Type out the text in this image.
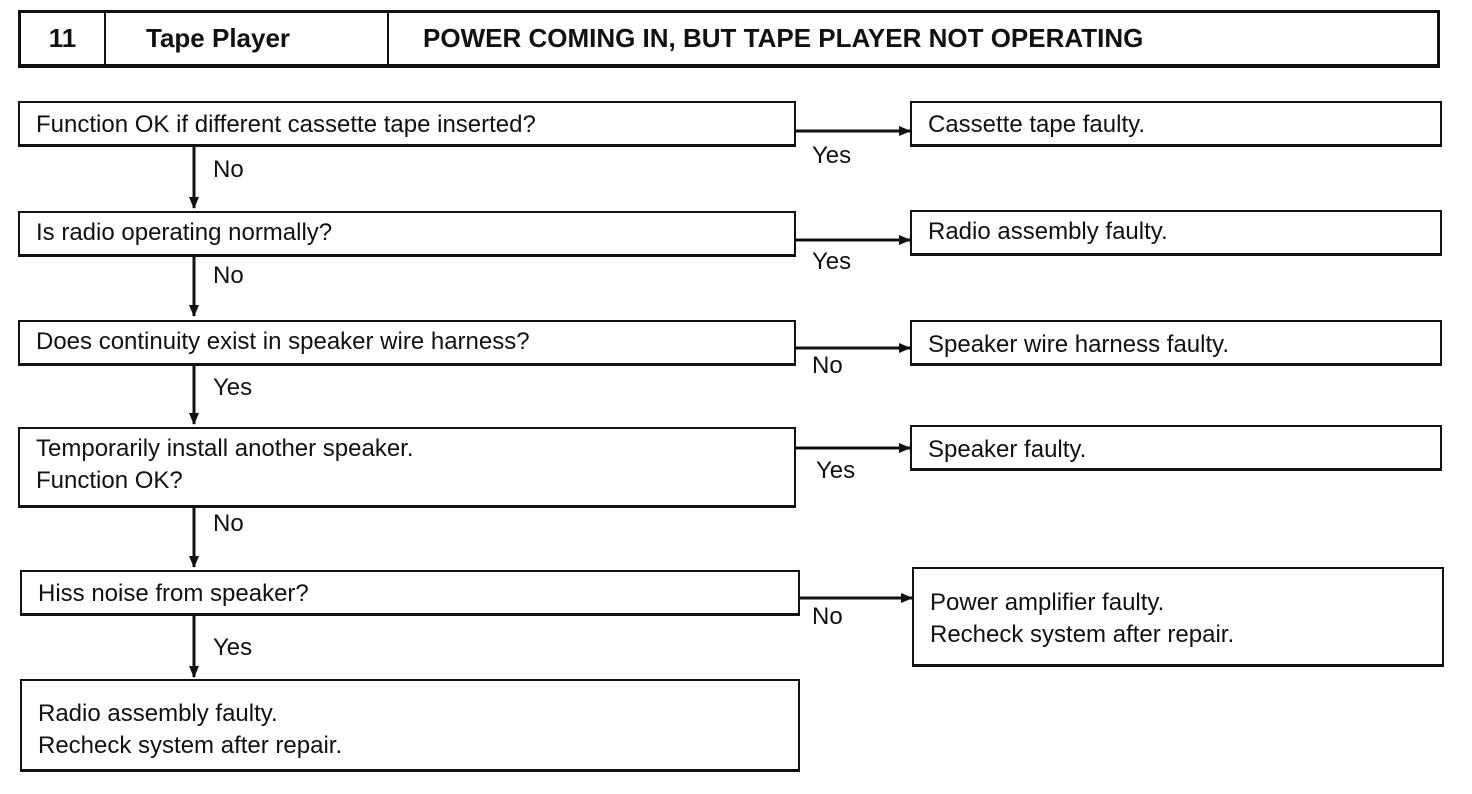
11	Tape Player	POWER COMING IN, BUT TAPE PLAYER NOT OPERATING
Function OK if different cassette tape inserted?
Is radio operating normally?
Does continuity exist in speaker wire harness?
Temporarily install another speaker.
Function OK?
Hiss noise from speaker?
Radio assembly faulty.
Recheck system after repair.
Cassette tape faulty.
Radio assembly faulty.
Speaker wire harness faulty.
Speaker faulty.
Power amplifier faulty.
Recheck system after repair.
No
No
Yes
No
Yes
Yes
Yes
No
Yes
No
